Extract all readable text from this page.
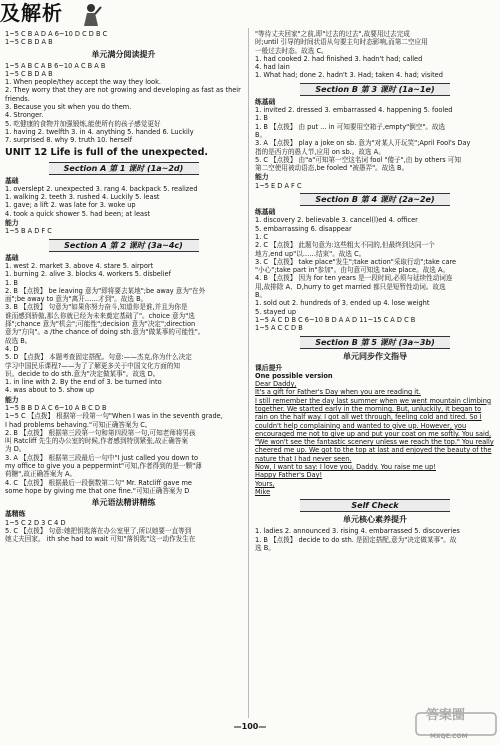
及解析
1~5 C B A D A 6~10 D C D B C
1~5 C B D A B
单元满分阅读提升
1~5 A B C A B 6~10 A C B A B
1~5 C B D A B
1. When people/they accept the way they look.
2. They worry that they are not growing and developing as fast as their
friends.
3. Because you sit when you do them.
4. Stronger.
5. 吃健康的食物并加强锻炼,能使所有的孩子感觉更好
1. having 2. twelfth 3. in 4. anything 5. handed 6. Luckily
7. surprised 8. why 9. truth 10. herself
UNIT 12 Life is full of the unexpected.
Section A 第 1 课时 (1a~2d)
基础
1. overslept 2. unexpected 3. rang 4. backpack 5. realized
1. walking 2. teeth 3. rushed 4. Luckily 5. least
1. gave; a lift 2. was late for 3. woke up
4. took a quick shower 5. had been; at least
能力
1~5 B A D F C
Section A 第 2 课时 (3a~4c)
基础
1. west 2. market 3. above 4. stare 5. airport
1. burning 2. alive 3. blocks 4. workers 5. disbelief
1. B
2. B 【点拨】 be leaving 意为"即将要去某地";be away 意为"在外
面";be away to 意为"离开……才到"。故选 B。
3. B 【点拨】 句意为"如果你努力奋斗,知道你是谁,并且为你是
谁而感到骄傲,那么你就已经为未来奠定基础了"。choice 意为"选
择";chance 意为"机会";可能性";decision 意为"决定";direction
意为"方向"。a /the chance of doing sth.意为"做某事的可能性"。
故选 B。
4. D
5. D 【点拨】 本题考查固定搭配。句意:——杰克,你为什么决定
学习中国民乐课程?——为了了解更多关于中国文化方面的知
识。decide to do sth.意为"决定做某事"。故选 D。
1. in line with 2. By the end of 3. be turned into
4. was about to 5. show up
能力
1~5 B B D A C 6~10 A B C D B
1~5 C 【点拨】 根据第一段第一句"When I was in the seventh grade,
I had problems behaving."可知正确答案为 C。
2. B 【点拨】 根据第三段第一句和第四段第一句,可知老师将男孩
叫 Ratcliff 先生的办公室的时候,作者感到特别紧张,故正确答案
为 D。
3. A 【点拨】 根据第三段最后一句中"I just called you down to
my office to give you a peppermint"可知,作者得到的是一颗"薄
荷糖",故正确答案为 A。
4. C 【点拨】 根据最后一段倒数第二句" Mr. Ratcliff gave me
some hope by giving me that one fine."可知正确答案为 D
单元语法精讲精练
基精练
1~5 C 2 D 3 C 4 D
5. C 【点拨】 句意:她把钥匙落在办公室里了,所以她要一直等到
她丈夫回家。 ith she had to wait 可知"落钥匙"这一动作发生在
"等待丈夫回家"之前,即"过去的过去",故要用过去完成
时;until 引导的时间状语从句要主句时态影响,而第二空应用
一般过去时态。故选 C。
1. had cooked 2. had finished 3. hadn't had; called
4. had lain
1. What had; done 2. hadn't 3. Had; taken 4. had; visited
Section B 第 3 课时 (1a~1e)
练基础
1. invited 2. dressed 3. embarrassed 4. happening 5. fooled
1. B
1. B 【点拨】 由 put ... in 可知要用空箱子,empty"倒空"。故选
B。
3. A 【点拨】 play a joke on sb. 意为"对某人开玩笑";April Fool's Day
指的是西方的愚人节,应用 on sb.。故选 A。
5. C 【点拨】 由"a"可知第一空这名词 fool "傻子",由 by others 可知
第二空使用被动语态,be fooled "被愚弄"。故选 B。
能力
1~5 E D A F C
Section B 第 4 课时 (2a~2e)
练基础
1. discovery 2. believable 3. cancel(l)ed 4. officer
5. embarrassing 6. disappear
1. C
2. C 【点拨】 此题句意为:这些粗太不同的,但最终到达同一个
地方,end up"以……结束"。故选 C。
3. C 【点拨】 take place"发生";take action"采取行动";take care
"小心";take part in"参加"。由句意可知选 take place。故选 A。
4. B 【点拨】 因为 for ten years 是一段时间,必须与延续性动词连
用,故排除 A、D,hurry to get married 都只是短暂性动词。故选
B。
1. sold out 2. hundreds of 3. ended up 4. lose weight
5. stayed up
1~5 A C D B C 6~10 B D A A D 11~15 C A D C B
1~5 A C C D B
Section B 第 5 课时 (3a~3b)
单元同步作文指导
课后提升
One possible version
Dear Daddy,
It's a gift for Father's Day when you are reading it.
I still remember the day last summer when we went mountain climbing together. We started early in the morning. But, unluckily, it began to rain on the half way. I got all wet through, feeling cold and tired. So I couldn't help complaining and wanted to give up. However, you encouraged me not to give up and put your coat on me softly. You said, "We won't see the fantastic scenery unless we reach the top." You really cheered me up. We got to the top at last and enjoyed the beauty of the nature that I had never seen.
Now, I want to say: I love you, Daddy. You raise me up!
Happy Father's Day!
Yours,
Mike
Self Check
单元核心素养提升
1. ladies 2. announced 3. rising 4. embarrassed 5. discoveries
1. B 【点拨】 decide to do sth. 是固定搭配,意为"决定做某事"。故
选 B。
—100—
答案圈
MXQE.COM
